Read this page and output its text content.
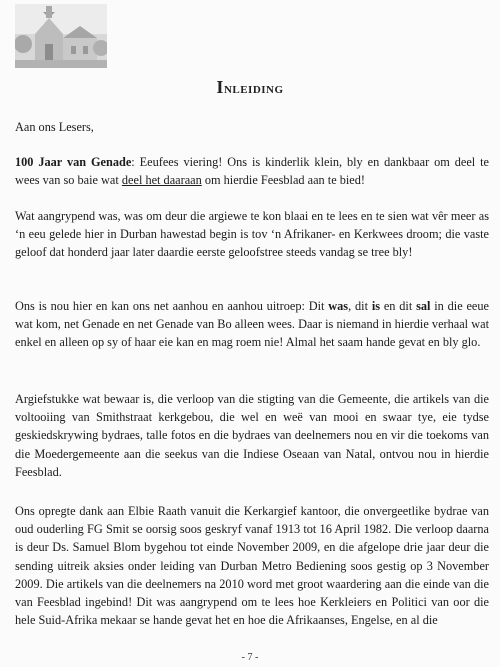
Inleiding

Aan ons Lesers,

100 Jaar van Genade: Eeufees viering! Ons is kinderlik klein, bly en dankbaar om deel te wees van so baie wat deel het daaraan om hierdie Feesblad aan te bied!

Wat aangrypend was, was om deur die argiewe te kon blaai en te lees en te sien wat vêr meer as ‘n eeu gelede hier in Durban hawestad begin is tov ‘n Afrikaner- en Kerkwees droom; die vaste geloof dat honderd jaar later daardie eerste geloofstree steeds vandag se tree bly!

Ons is nou hier en kan ons net aanhou en aanhou uitroep: Dit was, dit is en dit sal in die eeue wat kom, net Genade en net Genade van Bo alleen wees. Daar is niemand in hierdie verhaal wat enkel en alleen op sy of haar eie kan en mag roem nie! Almal het saam hande gevat en bly glo.

Argiefstukke wat bewaar is, die verloop van die stigting van die Gemeente, die artikels van die voltooiing van Smithstraat kerkgebou, die wel en weë van mooi en swaar tye, eie tydse geskiedskrywing bydraes, talle fotos en die bydraes van deelnemers nou en vir die toekoms van die Moedergemeente aan die seekus van die Indiese Oseaan van Natal, ontvou nou in hierdie Feesblad.

Ons opregte dank aan Elbie Raath vanuit die Kerkargief kantoor, die onvergeetlike bydrae van oud ouderling FG Smit se oorsig soos geskryf vanaf 1913 tot 16 April 1982. Die verloop daarna is deur Ds. Samuel Blom bygehou tot einde November 2009, en die afgelope drie jaar deur die sending uitreik aksies onder leiding van Durban Metro Bediening soos gestig op 3 November 2009. Die artikels van die deelnemers na 2010 word met groot waardering aan die einde van die van Feesblad ingebind! Dit was aangrypend om te lees hoe Kerkleiers en Politici van oor die hele Suid-Afrika mekaar se hande gevat het en hoe die Afrikaanses, Engelse, en al die

- 7 -
